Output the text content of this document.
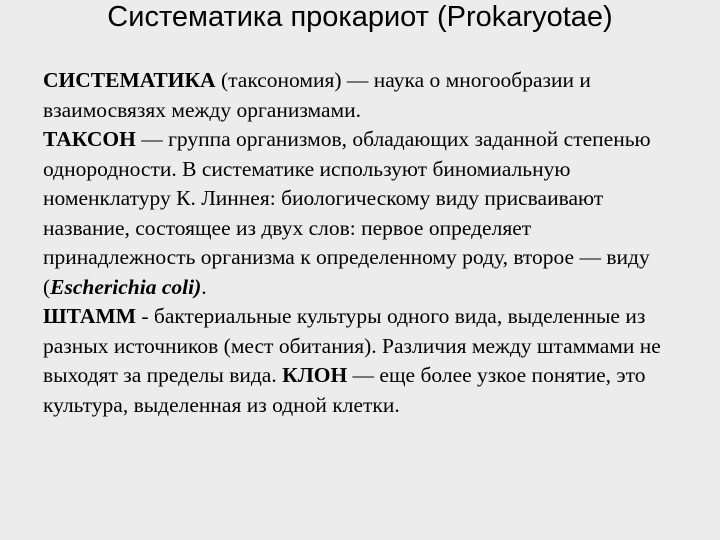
Систематика прокариот (Prokaryotae)

СИСТЕМАТИКА (таксономия) — наука о многообразии и взаимосвязях между организмами.

ТАКСОН — группа организмов, обладающих заданной степенью однородности. В систематике используют биномиальную номенклатуру К. Линнея: биологическому виду присваивают название, состоящее из двух слов: первое определяет принадлежность организма к определенному роду, второе — виду (Escherichia coli).

ШТАММ - бактериальные культуры одного вида, выделенные из разных источников (мест обитания). Различия между штаммами не выходят за пределы вида. КЛОН — еще более узкое понятие, это культура, выделенная из одной клетки.
